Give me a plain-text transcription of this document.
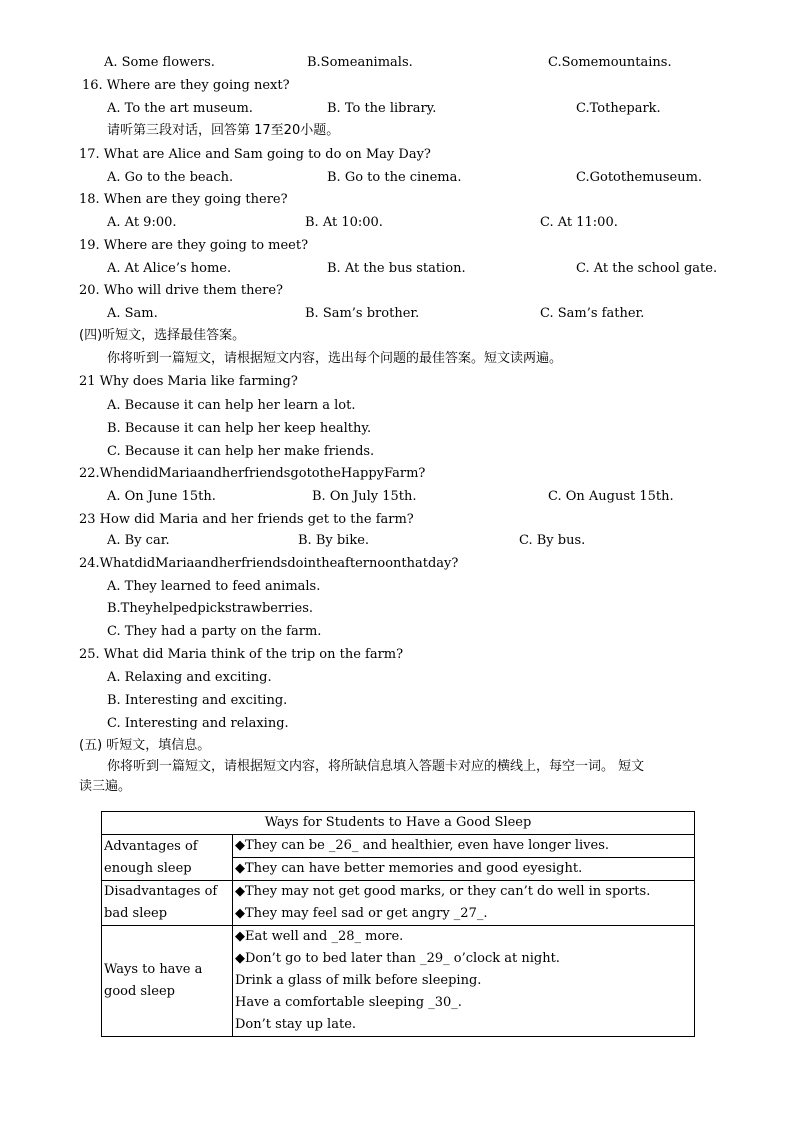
A. Some flowers.	B.Someanimals.	C.Somemountains.
16. Where are they going next?
A. To the art museum.	B. To the library.	C.Tothepark.
请听第三段对话，回答第 17至20小题。
17. What are Alice and Sam going to do on May Day?
A. Go to the beach.	B. Go to the cinema.	C.Gotothemuseum.
18. When are they going there?
A. At 9:00.	B. At 10:00.	C. At 11:00.
19. Where are they going to meet?
A. At Alice’s home.	B. At the bus station.	C. At the school gate.
20. Who will drive them there?
A. Sam.	B. Sam’s brother.	C. Sam’s father.
(四)听短文，选择最佳答案。
你将听到一篇短文，请根据短文内容，选出每个问题的最佳答案。短文读两遍。
21 Why does Maria like farming?
A. Because it can help her learn a lot.
B. Because it can help her keep healthy.
C. Because it can help her make friends.
22.WhendidMariaandherfriendsgototheHappyFarm?
A. On June 15th.	B. On July 15th.	C. On August 15th.
23 How did Maria and her friends get to the farm?
A. By car.	B. By bike.	C. By bus.
24.WhatdidMariaandherfriendsdointheafternoonthatday?
A. They learned to feed animals.
B.Theyhelpedpickstrawberries.
C. They had a party on the farm.
25. What did Maria think of the trip on the farm?
A. Relaxing and exciting.
B. Interesting and exciting.
C. Interesting and relaxing.
(五) 听短文，填信息。
你将听到一篇短文，请根据短文内容，将所缺信息填入答题卡对应的横线上，每空一词。 短文
读三遍。
Ways for Students to Have a Good Sleep	

Advantages of
enough sleep	◆They can be _26_ and healthier, even have longer lives.
	◆They can have better memories and good eyesight.

Disadvantages of
bad sleep	◆They may not get good marks, or they can’t do well in sports.
◆They may feel sad or get angry _27_.

Ways to have a
good sleep	◆Eat well and _28_ more.
◆Don’t go to bed later than _29_ o’clock at night.
Drink a glass of milk before sleeping.
Have a comfortable sleeping _30_.
Don’t stay up late.
